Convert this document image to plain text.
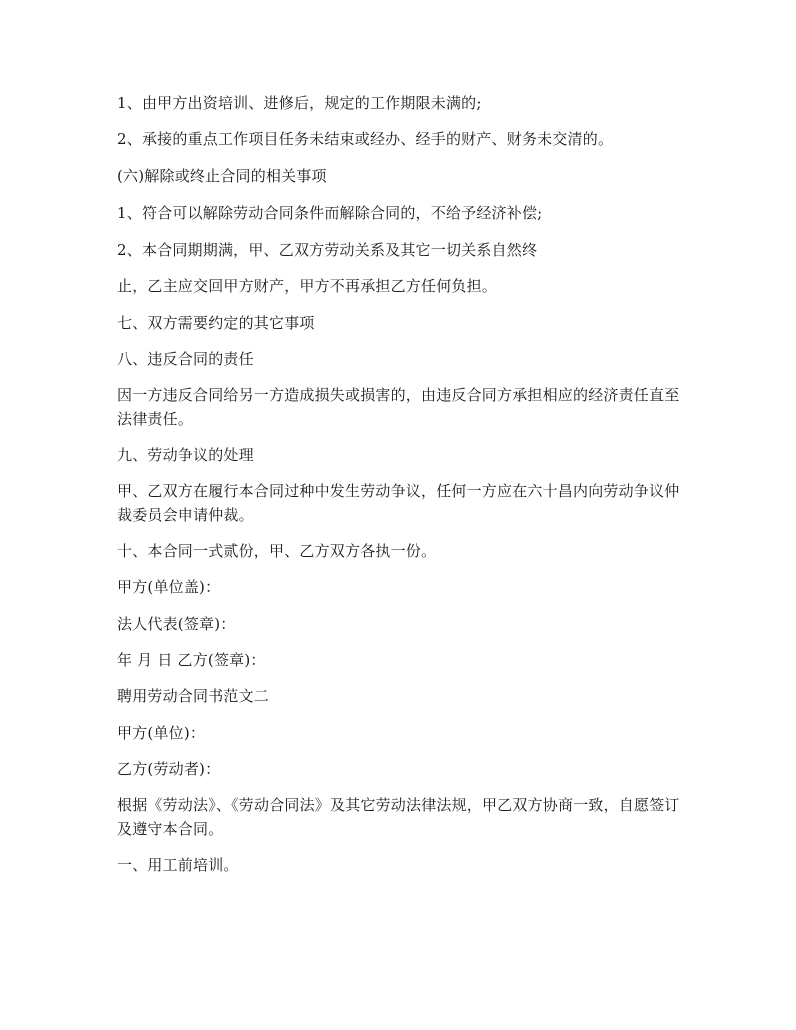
1、由甲方出资培训、进修后，规定的工作期限未满的;
2、承接的重点工作项目任务未结束或经办、经手的财产、财务未交清的。
(六)解除或终止合同的相关事项
1、符合可以解除劳动合同条件而解除合同的，不给予经济补偿;
2、本合同期期满，甲、乙双方劳动关系及其它一切关系自然终
止，乙主应交回甲方财产，甲方不再承担乙方任何负担。
七、双方需要约定的其它事项
八、违反合同的责任
因一方违反合同给另一方造成损失或损害的，由违反合同方承担相应的经济责任直至法律责任。
九、劳动争议的处理
甲、乙双方在履行本合同过种中发生劳动争议，任何一方应在六十昌内向劳动争议仲裁委员会申请仲裁。
十、本合同一式贰份，甲、乙方双方各执一份。
甲方(单位盖)：
法人代表(签章)：
年 月 日 乙方(签章)：
聘用劳动合同书范文二
甲方(单位)：
乙方(劳动者)：
根据《劳动法》、《劳动合同法》及其它劳动法律法规，甲乙双方协商一致，自愿签订及遵守本合同。
一、用工前培训。
